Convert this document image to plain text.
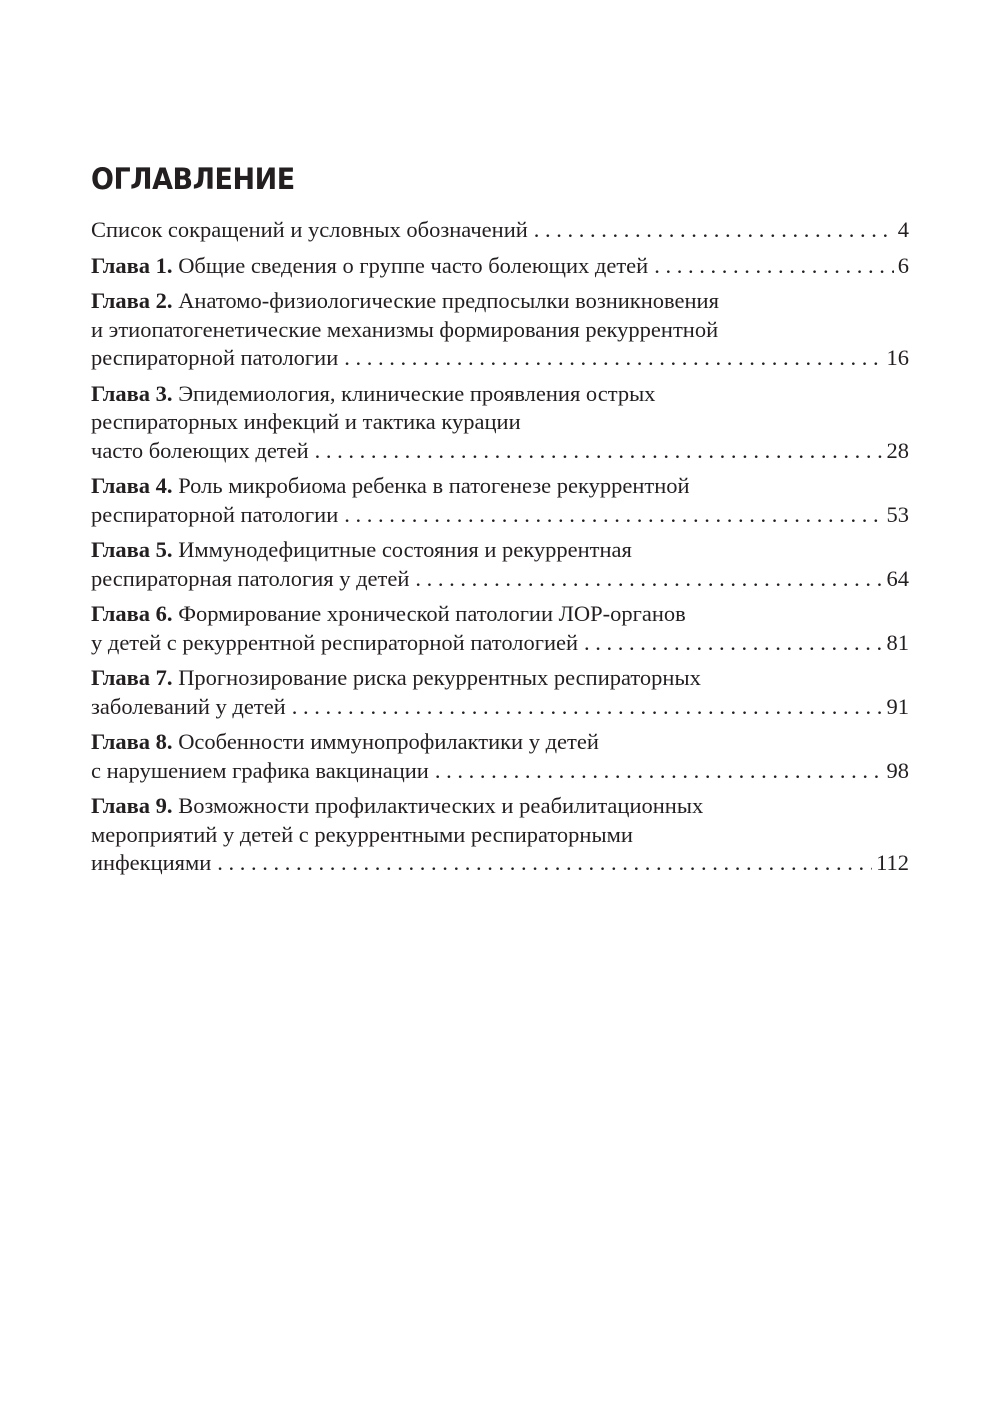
ОГЛАВЛЕНИЕ
Список сокращений и условных обозначений . . .	4
Глава 1. Общие сведения о группе часто болеющих детей . . .	6
Глава 2. Анатомо-физиологические предпосылки возникновения
и этиопатогенетические механизмы формирования рекуррентной
респираторной патологии . . .	16
Глава 3. Эпидемиология, клинические проявления острых
респираторных инфекций и тактика курации
часто болеющих детей . . .	28
Глава 4. Роль микробиома ребенка в патогенезе рекуррентной
респираторной патологии . . .	53
Глава 5. Иммунодефицитные состояния и рекуррентная
респираторная патология у детей . . .	64
Глава 6. Формирование хронической патологии ЛОР-органов
у детей с рекуррентной респираторной патологией . . .	81
Глава 7. Прогнозирование риска рекуррентных респираторных
заболеваний у детей . . .	91
Глава 8. Особенности иммунопрофилактики у детей
с нарушением графика вакцинации . . .	98
Глава 9. Возможности профилактических и реабилитационных
мероприятий у детей с рекуррентными респираторными
инфекциями . . .	112
